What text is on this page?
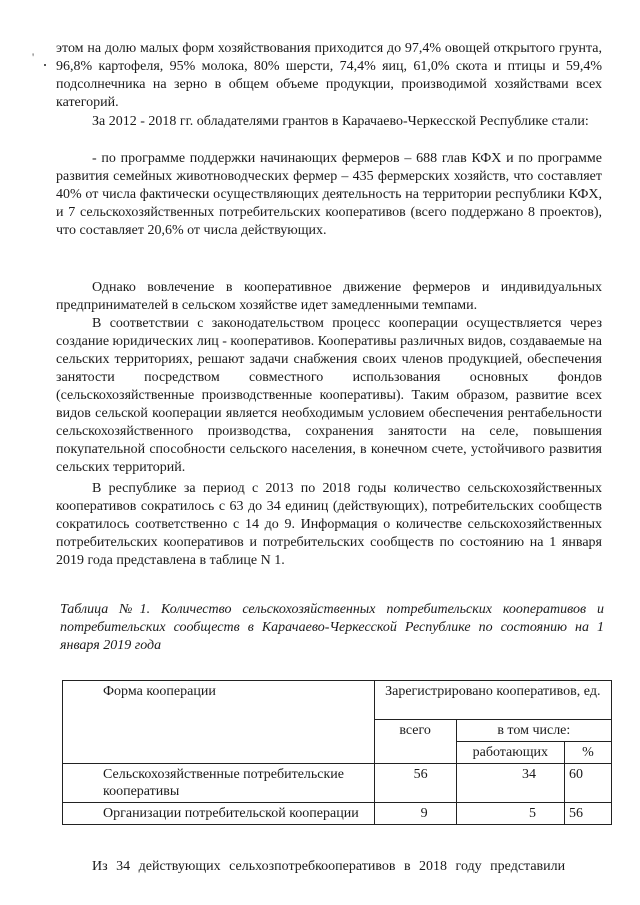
'

этом на долю малых форм хозяйствования приходится до 97,4% овощей открытого грунта, 96,8% картофеля, 95% молока, 80% шерсти, 74,4% яиц, 61,0% скота и птицы и 59,4% подсолнечника на зерно в общем объеме продукции, производимой хозяйствами всех категорий.

За 2012 - 2018 гг. обладателями грантов в Карачаево-Черкесской Республике стали:

- по программе поддержки начинающих фермеров – 688 глав КФХ и по программе развития семейных животноводческих фермер – 435 фермерских хозяйств, что составляет 40% от числа фактически осуществляющих деятельность на территории республики КФХ, и 7 сельскохозяйственных потребительских кооперативов (всего поддержано 8 проектов), что составляет 20,6% от числа действующих.

Однако вовлечение в кооперативное движение фермеров и индивидуальных предпринимателей в сельском хозяйстве идет замедленными темпами.

В соответствии с законодательством процесс кооперации осуществляется через создание юридических лиц - кооперативов. Кооперативы различных видов, создаваемые на сельских территориях, решают задачи снабжения своих членов продукцией, обеспечения занятости посредством совместного использования основных фондов (сельскохозяйственные производственные кооперативы). Таким образом, развитие всех видов сельской кооперации является необходимым условием обеспечения рентабельности сельскохозяйственного производства, сохранения занятости на селе, повышения покупательной способности сельского населения, в конечном счете, устойчивого развития сельских территорий.

В республике за период с 2013 по 2018 годы количество сельскохозяйственных кооперативов сократилось с 63 до 34 единиц (действующих), потребительских сообществ сократилось соответственно с 14 до 9. Информация о количестве сельскохозяйственных потребительских кооперативов и потребительских сообществ по состоянию на 1 января 2019 года представлена в таблице N 1.

Таблица №1. Количество сельскохозяйственных потребительских кооперативов и потребительских сообществ в Карачаево-Черкесской Республике по состоянию на 1 января 2019 года
Форма кооперации	Зарегистрировано кооперативов, ед.		
	всего	в том числе:	
		работающих	%
Сельскохозяйственные потребительские кооперативы	56	34	60
Организации потребительской кооперации	9	5	56
Из 34 действующих сельхозпотребкооперативов в 2018 году представили
